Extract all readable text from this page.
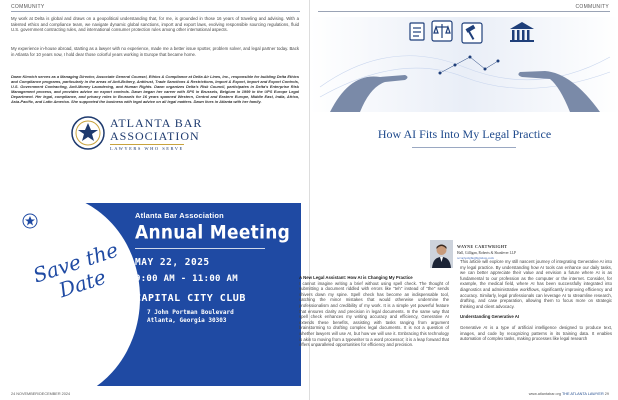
COMMUNITY
My work at Delta is global and draws on a geopolitical understanding that, for me, is grounded in those 16 years of traveling and advising. With a talented ethics and compliance team, we navigate dynamic global sanctions, import and export laws, evolving responsible sourcing regulations, fluid U.S. government contracting rules, and international consumer protection rules among other international aspects.
My experience in-house abroad, starting as a lawyer with no experience, made me a better issue spotter, problem solver, and legal partner today. Back in Atlanta for 10 years now, I hold dear those colorful years working in Europe that became home.
Dawn Kimrich serves as a Managing Director, Associate General Counsel, Ethics & Compliance at Delta Air Lines, Inc., responsible for building Delta Ethics and Compliance programs, particularly in the areas of Anti-Bribery, Antitrust, Trade Sanctions & Restrictions, Import & Export, Import and Export Controls, U.S. Government Contracting, Anti-Money Laundering, and Human Rights. Dawn organizes Delta's Risk Council, participates in Delta's Enterprise Risk Management process, and provides advice on export controls. Dawn began her career with SPS in Brussels, Belgium in 1999 in the UPS Europe Legal Department. Her legal, compliance, and privacy roles in Brussels for 16 years spanned Western, Central and Eastern Europe, Middle East, India, Africa, Asia-Pacific, and Latin America. She supported the business with legal advice on all legal matters. Dawn lives in Atlanta with her family.
ATLANTA BAR
ASSOCIATION
LAWYERS WHO SERVE
Save the Date
Atlanta Bar Association
Annual Meeting
MAY 22, 2025
9:00 AM - 11:00 AM
CAPITAL CITY CLUB
7 John Portman Boulevard
Atlanta, Georgia 30303
24 NOVEMBER/DECEMBER 2024
COMMUNITY
How AI Fits Into My Legal Practice
WAYNE CARTWRIGHT
Hall, Gilligan, Roberts & Shanlever LLP
wcartwright@hgrslaw.com
A New Legal Assistant: How AI is Changing My Practice
I cannot imagine writing a brief without using spell check. The thought of submitting a document riddled with errors like "teh" instead of "the" sends shivers down my spine. Spell check has become an indispensable tool, catching the minor mistakes that would otherwise undermine the professionalism and credibility of my work. It is a simple yet powerful feature that ensures clarity and precision in legal documents. In the same way that spell check enhances my writing accuracy and efficiency, Generative AI extends these benefits, assisting with tasks ranging from argument brainstorming to drafting complex legal documents. It is not a question of whether lawyers will use AI, but how we will use it. Embracing this technology is akin to moving from a typewriter to a word processor; it is a leap forward that offers unparalleled opportunities for efficiency and precision.
This article will explore my still nascent journey of integrating Generative AI into my legal practice. By understanding how AI tools can enhance our daily tasks, we can better appreciate their value and envision a future where AI is as fundamental to our profession as the computer or the internet. Consider, for example, the medical field, where AI has been successfully integrated into diagnostics and administrative workflows, significantly improving efficiency and accuracy. Similarly, legal professionals can leverage AI to streamline research, drafting, and case preparation, allowing them to focus more on strategic thinking and client advocacy.
Understanding Generative AI
Generative AI is a type of artificial intelligence designed to produce text, images, and code by recognizing patterns in its training data. It enables automation of complex tasks, making processes like legal research
www.atlantabar.org THE ATLANTA LAWYER 29
